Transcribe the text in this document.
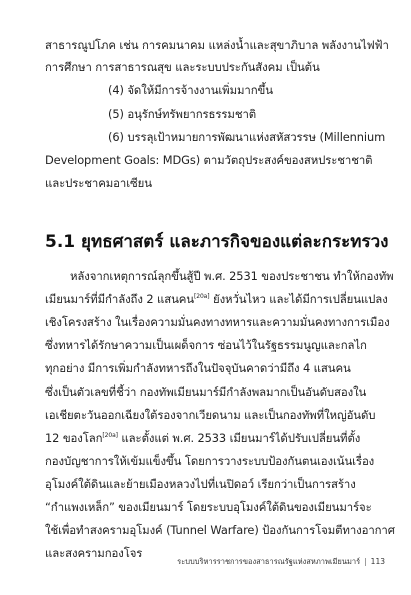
สาธารณูปโภค เช่น การคมนาคม แหล่งน้ำและสุขาภิบาล พลังงานไฟฟ้า
การศึกษา การสาธารณสุข และระบบประกันสังคม เป็นต้น
(4) จัดให้มีการจ้างงานเพิ่มมากขึ้น
(5) อนุรักษ์ทรัพยากรธรรมชาติ
(6) บรรลุเป้าหมายการพัฒนาแห่งสหัสวรรษ (Millennium
Development Goals: MDGs) ตามวัตถุประสงค์ของสหประชาชาติ
และประชาคมอาเซียน
5.1 ยุทธศาสตร์ และภารกิจของแต่ละกระทรวง
หลังจากเหตุการณ์ลุกขึ้นสู้ปี พ.ศ. 2531 ของประชาชน ทำให้กองทัพ
เมียนมาร์ที่มีกำลังถึง 2 แสนคน[20a] ยังหวั่นไหว และได้มีการเปลี่ยนแปลง
เชิงโครงสร้าง ในเรื่องความมั่นคงทางทหารและความมั่นคงทางการเมือง
ซึ่งทหารได้รักษาความเป็นเผด็จการ ซ่อนไว้ในรัฐธรรมนูญและกลไก
ทุกอย่าง มีการเพิ่มกำลังทหารถึงในปัจจุบันคาดว่ามีถึง 4 แสนคน
ซึ่งเป็นตัวเลขที่ชี้ว่า กองทัพเมียนมาร์มีกำลังพลมากเป็นอันดับสองใน
เอเชียตะวันออกเฉียงใต้รองจากเวียดนาม และเป็นกองทัพที่ใหญ่อันดับ
12 ของโลก[20a] และตั้งแต่ พ.ศ. 2533 เมียนมาร์ได้ปรับเปลี่ยนที่ตั้ง
กองบัญชาการให้เข้มแข็งขึ้น โดยการวางระบบป้องกันตนเองเน้นเรื่อง
อุโมงค์ใต้ดินและย้ายเมืองหลวงไปที่เนปิดอว์ เรียกว่าเป็นการสร้าง
“กำแพงเหล็ก” ของเมียนมาร์ โดยระบบอุโมงค์ใต้ดินของเมียนมาร์จะ
ใช้เพื่อทำสงครามอุโมงค์ (Tunnel Warfare) ป้องกันการโจมตีทางอากาศ
และสงครามกองโจร
ระบบบริหารราชการของสาธารณรัฐแห่งสหภาพเมียนมาร์ | 113
